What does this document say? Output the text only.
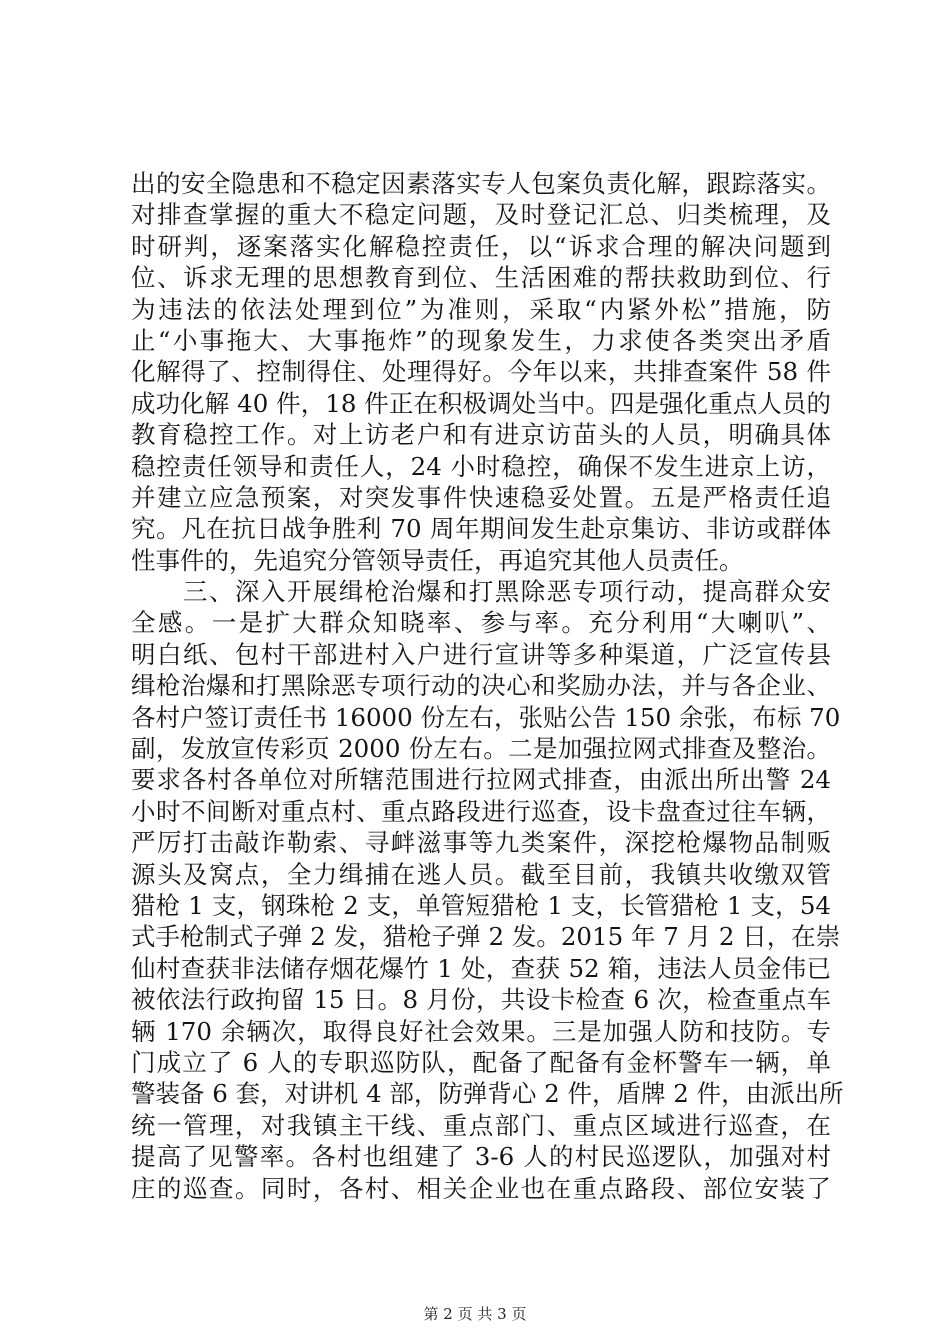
出的安全隐患和不稳定因素落实专人包案负责化解，跟踪落实。
对排查掌握的重大不稳定问题，及时登记汇总、归类梳理，及
时研判，逐案落实化解稳控责任，以“诉求合理的解决问题到
位、诉求无理的思想教育到位、生活困难的帮扶救助到位、行
为违法的依法处理到位”为准则，采取“内紧外松”措施，防
止“小事拖大、大事拖炸”的现象发生，力求使各类突出矛盾
化解得了、控制得住、处理得好。今年以来，共排查案件 58 件
成功化解 40 件，18 件正在积极调处当中。四是强化重点人员的
教育稳控工作。对上访老户和有进京访苗头的人员，明确具体
稳控责任领导和责任人，24 小时稳控，确保不发生进京上访，
并建立应急预案，对突发事件快速稳妥处置。五是严格责任追
究。凡在抗日战争胜利 70 周年期间发生赴京集访、非访或群体
性事件的，先追究分管领导责任，再追究其他人员责任。
　　三、深入开展缉枪治爆和打黑除恶专项行动，提高群众安
全感。一是扩大群众知晓率、参与率。充分利用“大喇叭”、
明白纸、包村干部进村入户进行宣讲等多种渠道，广泛宣传县
缉枪治爆和打黑除恶专项行动的决心和奖励办法，并与各企业、
各村户签订责任书 16000 份左右，张贴公告 150 余张，布标 70
副，发放宣传彩页 2000 份左右。二是加强拉网式排查及整治。
要求各村各单位对所辖范围进行拉网式排查，由派出所出警 24
小时不间断对重点村、重点路段进行巡查，设卡盘查过往车辆，
严厉打击敲诈勒索、寻衅滋事等九类案件，深挖枪爆物品制贩
源头及窝点，全力缉捕在逃人员。截至目前，我镇共收缴双管
猎枪 1 支，钢珠枪 2 支，单管短猎枪 1 支，长管猎枪 1 支，54
式手枪制式子弹 2 发，猎枪子弹 2 发。2015 年 7 月 2 日，在崇
仙村查获非法储存烟花爆竹 1 处，查获 52 箱，违法人员金伟已
被依法行政拘留 15 日。8 月份，共设卡检查 6 次，检查重点车
辆 170 余辆次，取得良好社会效果。三是加强人防和技防。专
门成立了 6 人的专职巡防队，配备了配备有金杯警车一辆，单
警装备 6 套，对讲机 4 部，防弹背心 2 件，盾牌 2 件，由派出所
统一管理，对我镇主干线、重点部门、重点区域进行巡查，在
提高了见警率。各村也组建了 3-6 人的村民巡逻队，加强对村
庄的巡查。同时，各村、相关企业也在重点路段、部位安装了
第 2 页 共 3 页
